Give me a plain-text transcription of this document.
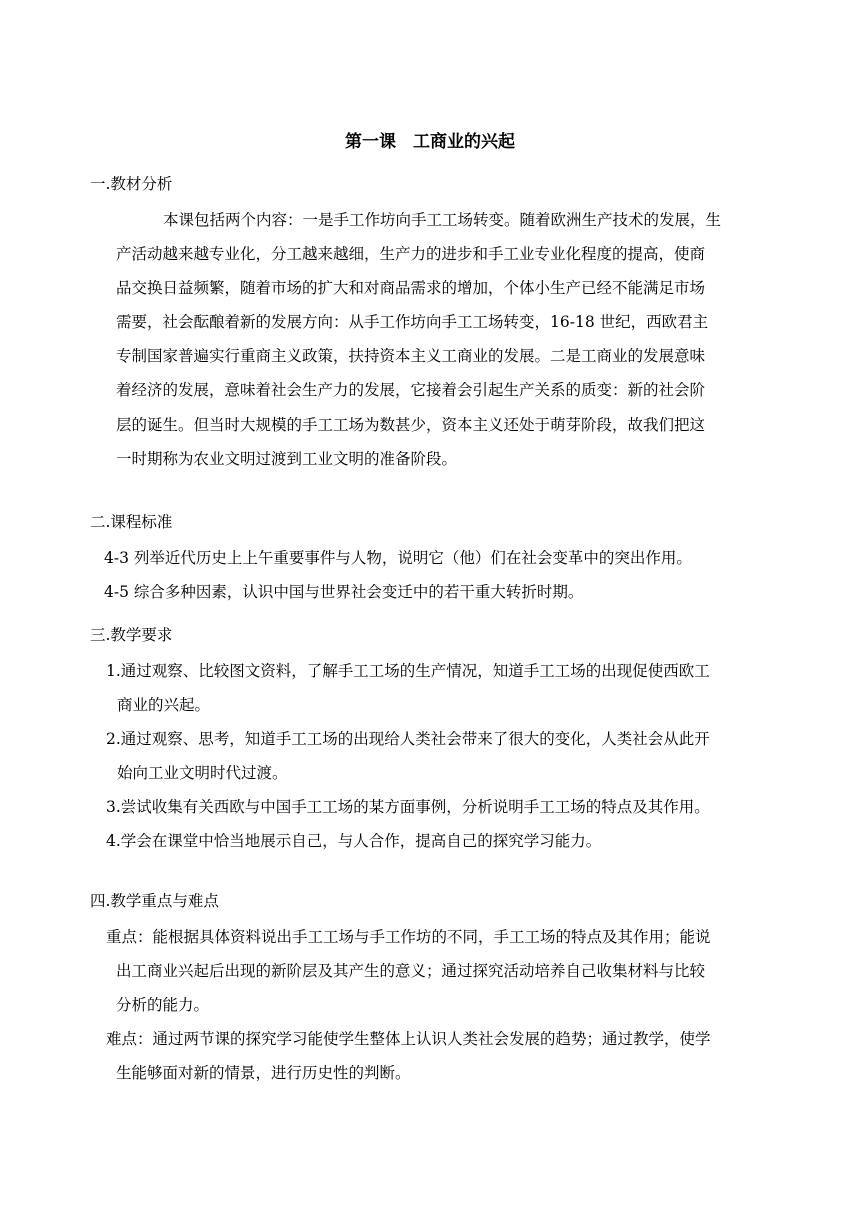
第一课　工商业的兴起
一.教材分析
本课包括两个内容：一是手工作坊向手工工场转变。随着欧洲生产技术的发展，生
产活动越来越专业化，分工越来越细，生产力的进步和手工业专业化程度的提高，使商
品交换日益频繁，随着市场的扩大和对商品需求的增加，个体小生产已经不能满足市场
需要，社会酝酿着新的发展方向：从手工作坊向手工工场转变，16-18 世纪，西欧君主
专制国家普遍实行重商主义政策，扶持资本主义工商业的发展。二是工商业的发展意味
着经济的发展，意味着社会生产力的发展，它接着会引起生产关系的质变：新的社会阶
层的诞生。但当时大规模的手工工场为数甚少，资本主义还处于萌芽阶段，故我们把这
一时期称为农业文明过渡到工业文明的准备阶段。
二.课程标准
4-3 列举近代历史上上午重要事件与人物，说明它（他）们在社会变革中的突出作用。
4-5 综合多种因素，认识中国与世界社会变迁中的若干重大转折时期。
三.教学要求
1.通过观察、比较图文资料，了解手工工场的生产情况，知道手工工场的出现促使西欧工
商业的兴起。
2.通过观察、思考，知道手工工场的出现给人类社会带来了很大的变化，人类社会从此开
始向工业文明时代过渡。
3.尝试收集有关西欧与中国手工工场的某方面事例，分析说明手工工场的特点及其作用。
4.学会在课堂中恰当地展示自己，与人合作，提高自己的探究学习能力。
四.教学重点与难点
重点：能根据具体资料说出手工工场与手工作坊的不同，手工工场的特点及其作用；能说
出工商业兴起后出现的新阶层及其产生的意义；通过探究活动培养自己收集材料与比较
分析的能力。
难点：通过两节课的探究学习能使学生整体上认识人类社会发展的趋势；通过教学，使学
生能够面对新的情景，进行历史性的判断。
